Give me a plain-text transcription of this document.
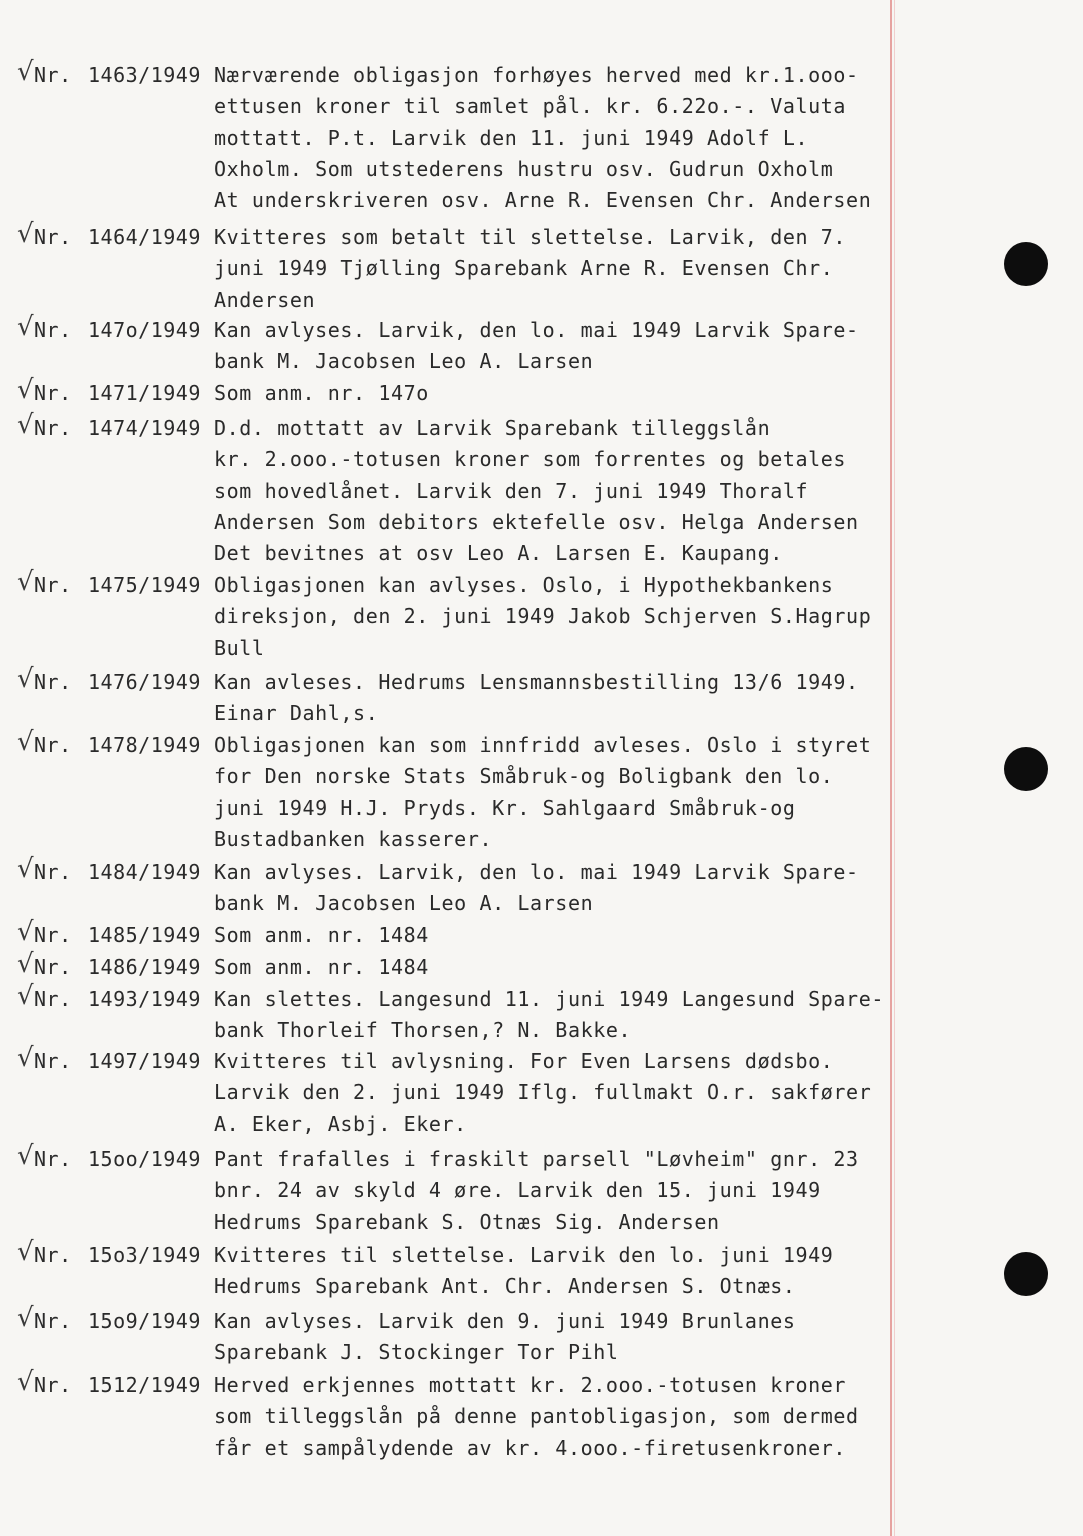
√ Nr. 1463/1949 Nærværende obligasjon forhøyes herved med kr.1.ooo-
ettusen kroner til samlet pål. kr. 6.22o.-. Valuta
mottatt. P.t. Larvik den 11. juni 1949 Adolf L.
Oxholm. Som utstederens hustru osv. Gudrun Oxholm
At underskriveren osv. Arne R. Evensen Chr. Andersen
√ Nr. 1464/1949 Kvitteres som betalt til slettelse. Larvik, den 7.
juni 1949 Tjølling Sparebank Arne R. Evensen Chr.
Andersen
√ Nr. 147o/1949 Kan avlyses. Larvik, den lo. mai 1949 Larvik Spare-
bank M. Jacobsen Leo A. Larsen
√ Nr. 1471/1949 Som anm. nr. 147o
√ Nr. 1474/1949 D.d. mottatt av Larvik Sparebank tilleggslån
kr. 2.ooo.-totusen kroner som forrentes og betales
som hovedlånet. Larvik den 7. juni 1949 Thoralf
Andersen Som debitors ektefelle osv. Helga Andersen
Det bevitnes at osv Leo A. Larsen E. Kaupang.
√ Nr. 1475/1949 Obligasjonen kan avlyses. Oslo, i Hypothekbankens
direksjon, den 2. juni 1949 Jakob Schjerven S.Hagrup
Bull
√ Nr. 1476/1949 Kan avleses. Hedrums Lensmannsbestilling 13/6 1949.
Einar Dahl,s.
√ Nr. 1478/1949 Obligasjonen kan som innfridd avleses. Oslo i styret
for Den norske Stats Småbruk-og Boligbank den lo.
juni 1949 H.J. Pryds. Kr. Sahlgaard Småbruk-og
Bustadbanken kasserer.
√ Nr. 1484/1949 Kan avlyses. Larvik, den lo. mai 1949 Larvik Spare-
bank M. Jacobsen Leo A. Larsen
√ Nr. 1485/1949 Som anm. nr. 1484
√ Nr. 1486/1949 Som anm. nr. 1484
√ Nr. 1493/1949 Kan slettes. Langesund 11. juni 1949 Langesund Spare-
bank Thorleif Thorsen,? N. Bakke.
√ Nr. 1497/1949 Kvitteres til avlysning. For Even Larsens dødsbo.
Larvik den 2. juni 1949 Iflg. fullmakt O.r. sakfører
A. Eker, Asbj. Eker.
√ Nr. 15oo/1949 Pant frafalles i fraskilt parsell "Løvheim" gnr. 23
bnr. 24 av skyld 4 øre. Larvik den 15. juni 1949
Hedrums Sparebank S. Otnæs Sig. Andersen
√ Nr. 15o3/1949 Kvitteres til slettelse. Larvik den lo. juni 1949
Hedrums Sparebank Ant. Chr. Andersen S. Otnæs.
√ Nr. 15o9/1949 Kan avlyses. Larvik den 9. juni 1949 Brunlanes
Sparebank J. Stockinger Tor Pihl
√ Nr. 1512/1949 Herved erkjennes mottatt kr. 2.ooo.-totusen kroner
som tilleggslån på denne pantobligasjon, som dermed
får et sampålydende av kr. 4.ooo.-firetusenkroner.
